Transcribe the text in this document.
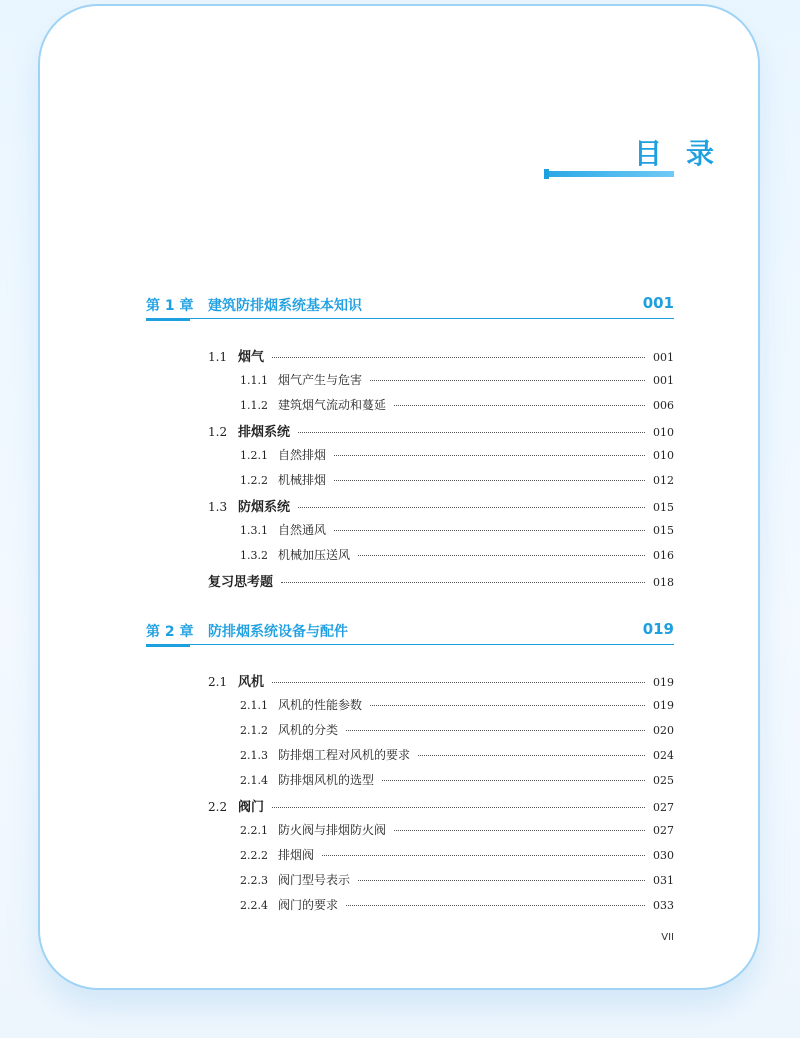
目录
第 1 章 建筑防排烟系统基本知识	001
1.1 烟气	001
1.1.1 烟气产生与危害	001
1.1.2 建筑烟气流动和蔓延	006
1.2 排烟系统	010
1.2.1 自然排烟	010
1.2.2 机械排烟	012
1.3 防烟系统	015
1.3.1 自然通风	015
1.3.2 机械加压送风	016
复习思考题	018
第 2 章 防排烟系统设备与配件	019
2.1 风机	019
2.1.1 风机的性能参数	019
2.1.2 风机的分类	020
2.1.3 防排烟工程对风机的要求	024
2.1.4 防排烟风机的选型	025
2.2 阀门	027
2.2.1 防火阀与排烟防火阀	027
2.2.2 排烟阀	030
2.2.3 阀门型号表示	031
2.2.4 阀门的要求	033
VII
